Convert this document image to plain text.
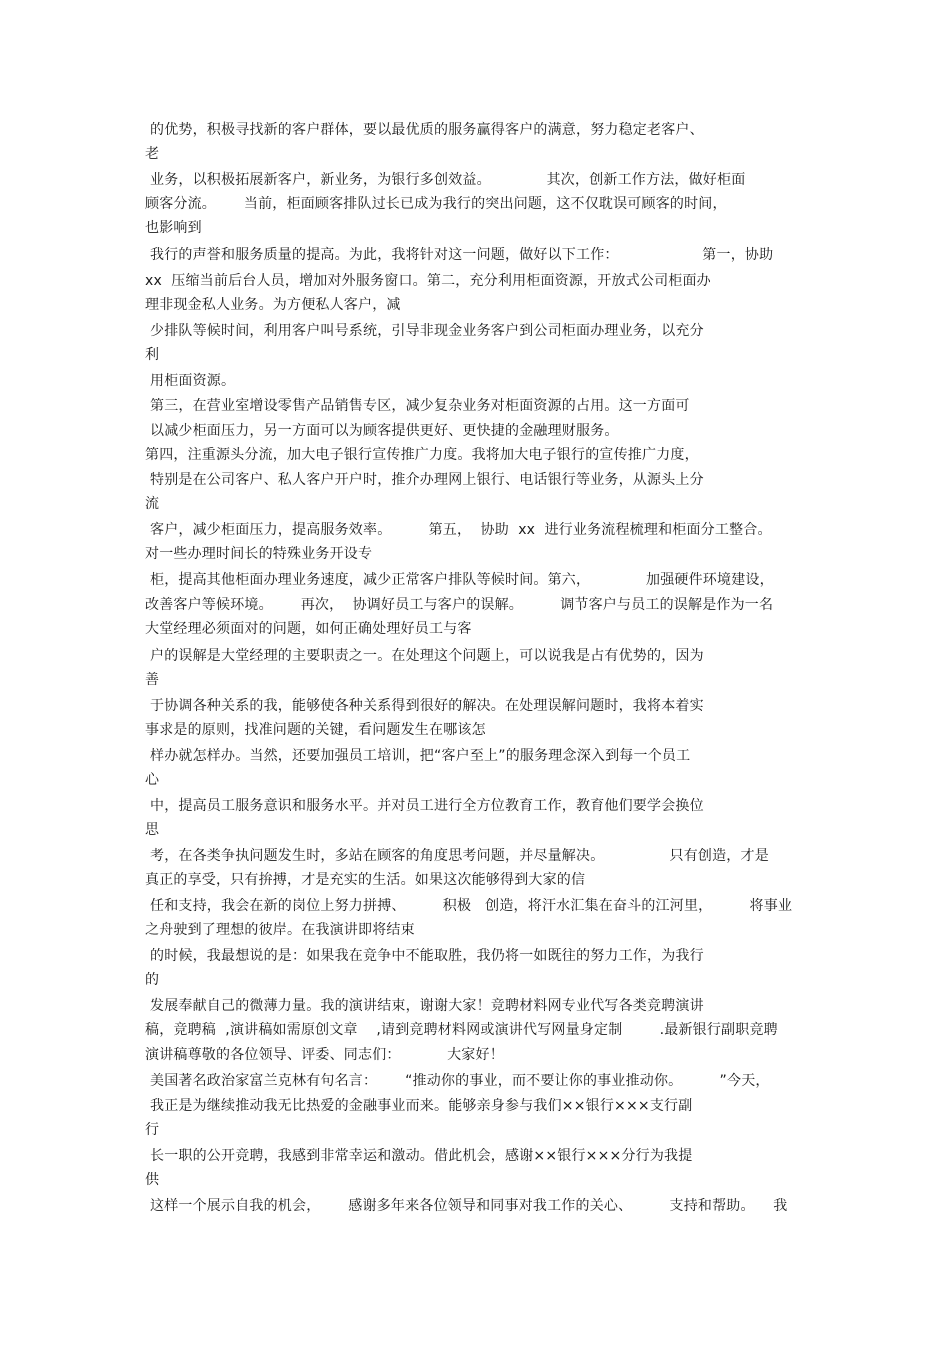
的优势，积极寻找新的客户群体，要以最优质的服务赢得客户的满意，努力稳定老客户、
老
业务，以积极拓展新客户，新业务，为银行多创效益。            其次，创新工作方法，做好柜面
顾客分流。      当前，柜面顾客排队过长已成为我行的突出问题，这不仅耽误可顾客的时间，
也影响到
我行的声誉和服务质量的提高。为此，我将针对这一问题，做好以下工作：                  第一，协助
xx  压缩当前后台人员，增加对外服务窗口。第二，充分利用柜面资源，开放式公司柜面办
理非现金私人业务。为方便私人客户，减
少排队等候时间，利用客户叫号系统，引导非现金业务客户到公司柜面办理业务，以充分
利
用柜面资源。
第三，在营业室增设零售产品销售专区，减少复杂业务对柜面资源的占用。这一方面可
以减少柜面压力，另一方面可以为顾客提供更好、更快捷的金融理财服务。
第四，注重源头分流，加大电子银行宣传推广力度。我将加大电子银行的宣传推广力度，
特别是在公司客户、私人客户开户时，推介办理网上银行、电话银行等业务，从源头上分
流
客户，减少柜面压力，提高服务效率。        第五，  协助  xx  进行业务流程梳理和柜面分工整合。
对一些办理时间长的特殊业务开设专
柜，提高其他柜面办理业务速度，减少正常客户排队等候时间。第六，            加强硬件环境建设，
改善客户等候环境。      再次，  协调好员工与客户的误解。        调节客户与员工的误解是作为一名
大堂经理必须面对的问题，如何正确处理好员工与客
户的误解是大堂经理的主要职责之一。在处理这个问题上，可以说我是占有优势的，因为
善
于协调各种关系的我，能够使各种关系得到很好的解决。在处理误解问题时，我将本着实
事求是的原则，找准问题的关键，看问题发生在哪该怎
样办就怎样办。当然，还要加强员工培训，把“客户至上”的服务理念深入到每一个员工
心
中，提高员工服务意识和服务水平。并对员工进行全方位教育工作，教育他们要学会换位
思
考，在各类争执问题发生时，多站在顾客的角度思考问题，并尽量解决。              只有创造，才是
真正的享受，只有拚搏，才是充实的生活。如果这次能够得到大家的信
任和支持，我会在新的岗位上努力拼搏、        积极   创造，将汗水汇集在奋斗的江河里，        将事业
之舟驶到了理想的彼岸。在我演讲即将结束
的时候，我最想说的是：如果我在竞争中不能取胜，我仍将一如既往的努力工作，为我行
的
发展奉献自己的微薄力量。我的演讲结束，谢谢大家！竞聘材料网专业代写各类竞聘演讲
稿，竞聘稿  ,演讲稿如需原创文章    ,请到竞聘材料网或演讲代写网量身定制        .最新银行副职竞聘
演讲稿尊敬的各位领导、评委、同志们：          大家好！
美国著名政治家富兰克林有句名言：      “推动你的事业，而不要让你的事业推动你。        ”今天，
我正是为继续推动我无比热爱的金融事业而来。能够亲身参与我们××银行×××支行副
行
长一职的公开竞聘，我感到非常幸运和激动。借此机会，感谢××银行×××分行为我提
供
这样一个展示自我的机会，      感谢多年来各位领导和同事对我工作的关心、        支持和帮助。    我
